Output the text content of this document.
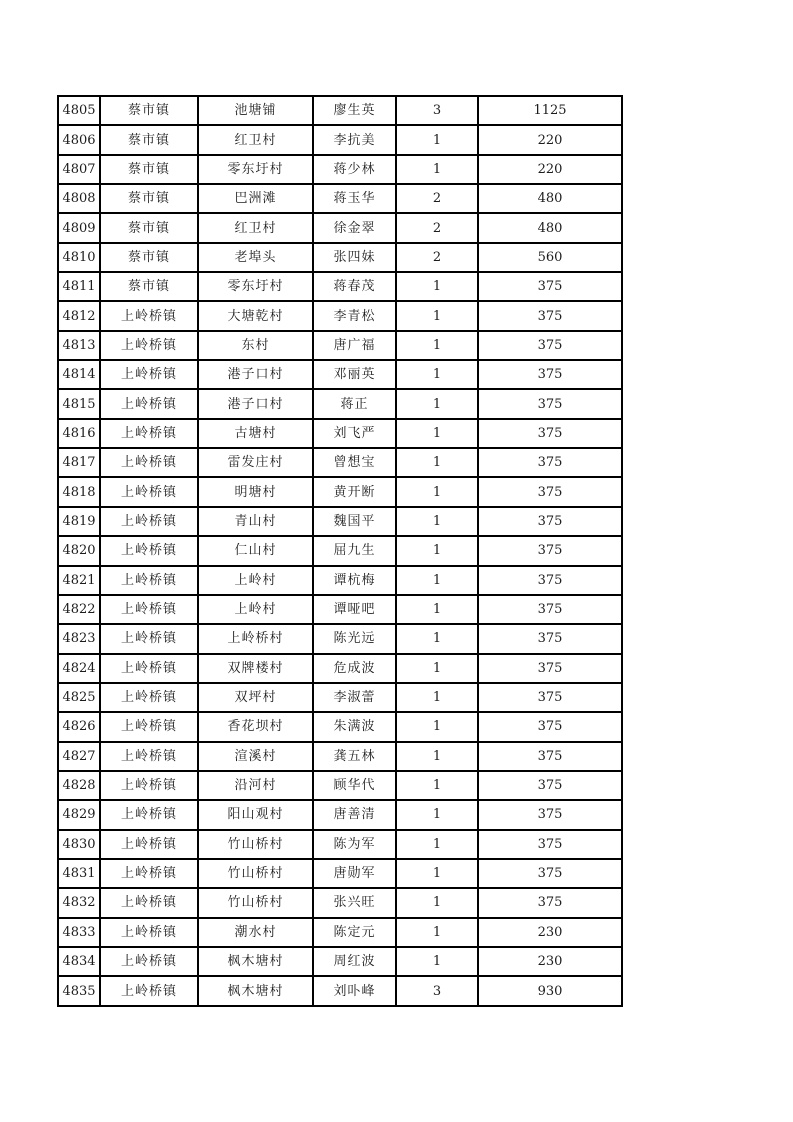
4805	蔡市镇	池塘铺	廖生英	3	1125
4806	蔡市镇	红卫村	李抗美	1	220
4807	蔡市镇	零东圩村	蒋少林	1	220
4808	蔡市镇	巴洲滩	蒋玉华	2	480
4809	蔡市镇	红卫村	徐金翠	2	480
4810	蔡市镇	老埠头	张四妹	2	560
4811	蔡市镇	零东圩村	蒋春茂	1	375
4812	上岭桥镇	大塘乾村	李青松	1	375
4813	上岭桥镇	东村	唐广福	1	375
4814	上岭桥镇	港子口村	邓丽英	1	375
4815	上岭桥镇	港子口村	蒋正	1	375
4816	上岭桥镇	古塘村	刘飞严	1	375
4817	上岭桥镇	雷发庄村	曾想宝	1	375
4818	上岭桥镇	明塘村	黄开断	1	375
4819	上岭桥镇	青山村	魏国平	1	375
4820	上岭桥镇	仁山村	屈九生	1	375
4821	上岭桥镇	上岭村	谭杭梅	1	375
4822	上岭桥镇	上岭村	谭哑吧	1	375
4823	上岭桥镇	上岭桥村	陈光远	1	375
4824	上岭桥镇	双牌楼村	危成波	1	375
4825	上岭桥镇	双坪村	李淑蕾	1	375
4826	上岭桥镇	香花坝村	朱满波	1	375
4827	上岭桥镇	渲溪村	龚五林	1	375
4828	上岭桥镇	沿河村	顾华代	1	375
4829	上岭桥镇	阳山观村	唐善清	1	375
4830	上岭桥镇	竹山桥村	陈为军	1	375
4831	上岭桥镇	竹山桥村	唐勋军	1	375
4832	上岭桥镇	竹山桥村	张兴旺	1	375
4833	上岭桥镇	潮水村	陈定元	1	230
4834	上岭桥镇	枫木塘村	周红波	1	230
4835	上岭桥镇	枫木塘村	刘卟峰	3	930
